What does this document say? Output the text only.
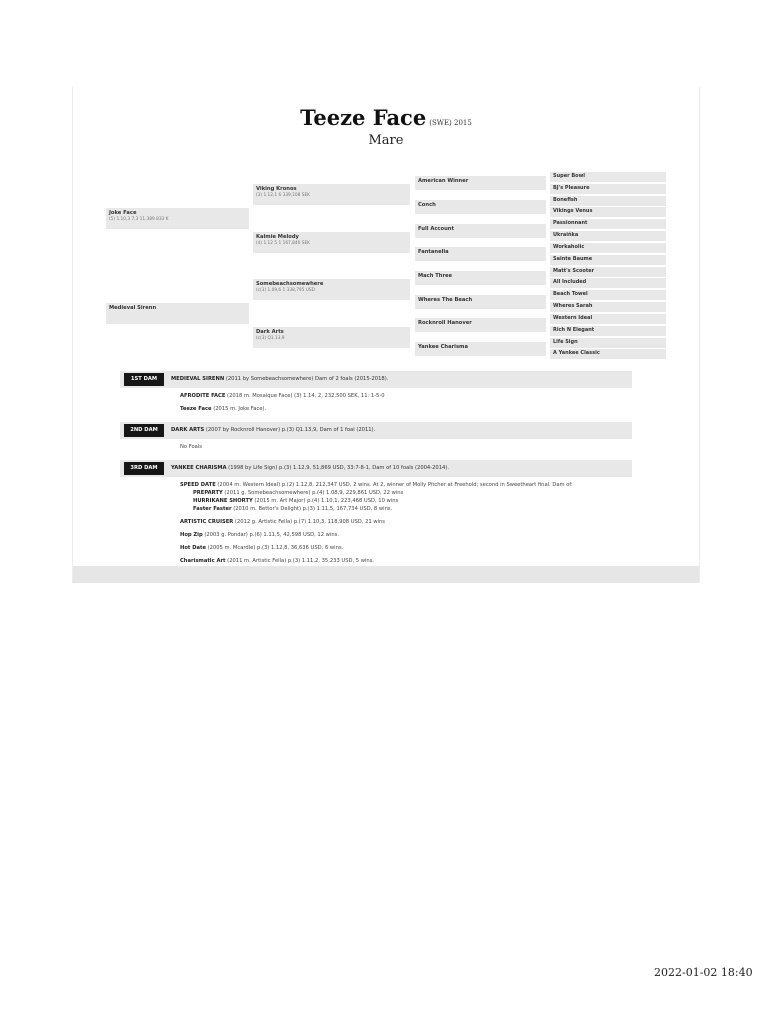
Teeze Face (SWE) 2015
Mare
Joke Face
(5) 1.10,3 7,3 11.389.833 K
Medieval Sirenn
Viking Kronos
(3) 1.12,1 6 339,108 SEK
Kalmie Melody
(4) 1.12 5 1 167,840 SEK
Somebeachsomewhere
(c(3) 1.09,6 1 338,795 USD
Dark Arts
(c(3) Q1.13,9
American Winner
Conch
Full Account
Fantanella
Mach Three
Wheres The Beach
Rocknroll Hanover
Yankee Charisma
Super Bowl
BJ's Pleasure
Bonefish
Vikings Venus
Passionnant
Ukraińka
Workaholic
Sainte Baume
Matt's Scooter
All Included
Beach Towel
Wheres Sarah
Western Ideal
Rich N Elegant
Life Sign
A Yankee Classic
1ST DAM	MEDIEVAL SIRENN (2011 by Somebeachsomewhere) Dam of 2 foals (2015-2018).
AFRODITE FACE (2018 m. Mosaique Face) (3) 1.14, 2, 232,500 SEK, 11: 1-5-0
Teeze Face (2015 m. Joke Face).
2ND DAM	DARK ARTS (2007 by Rocknroll Hanover) p.(3) Q1.13,9, Dam of 1 foal (2011).
No Foals
3RD DAM	YANKEE CHARISMA (1998 by Life Sign) p.(3) 1.12,9, 51,869 USD, 33:7-8-1, Dam of 10 foals (2004-2014).
SPEED DATE (2004 m. Western Ideal) p.(2) 1.12,8, 212,347 USD, 2 wins. At 2, winner of Molly Pitcher at Freehold; second in Sweetheart final. Dam of:
PREPARTY (2011 g. Somebeachsomewhere) p.(4) 1.08,9, 229,861 USD, 22 wins
HURRIKANE SHORTY (2015 m. Art Major) p.(4) 1.10,1, 223,468 USD, 10 wins
Faster Faster (2010 m. Bettor's Delight) p.(3) 1.11,5, 167,734 USD, 8 wins.
ARTISTIC CRUISER (2012 g. Artistic Fella) p.(7) 1.10,3, 118,908 USD, 21 wins
Hop Zip (2003 g. Pondar) p.(6) 1.11,5, 42,598 USD, 12 wins.
Hot Date (2005 m. Mcardle) p.(3) 1.12,8, 36,636 USD, 6 wins.
Charismatic Art (2011 m. Artistic Fella) p.(3) 1.11,2, 35,233 USD, 5 wins.
2022-01-02 18:40
